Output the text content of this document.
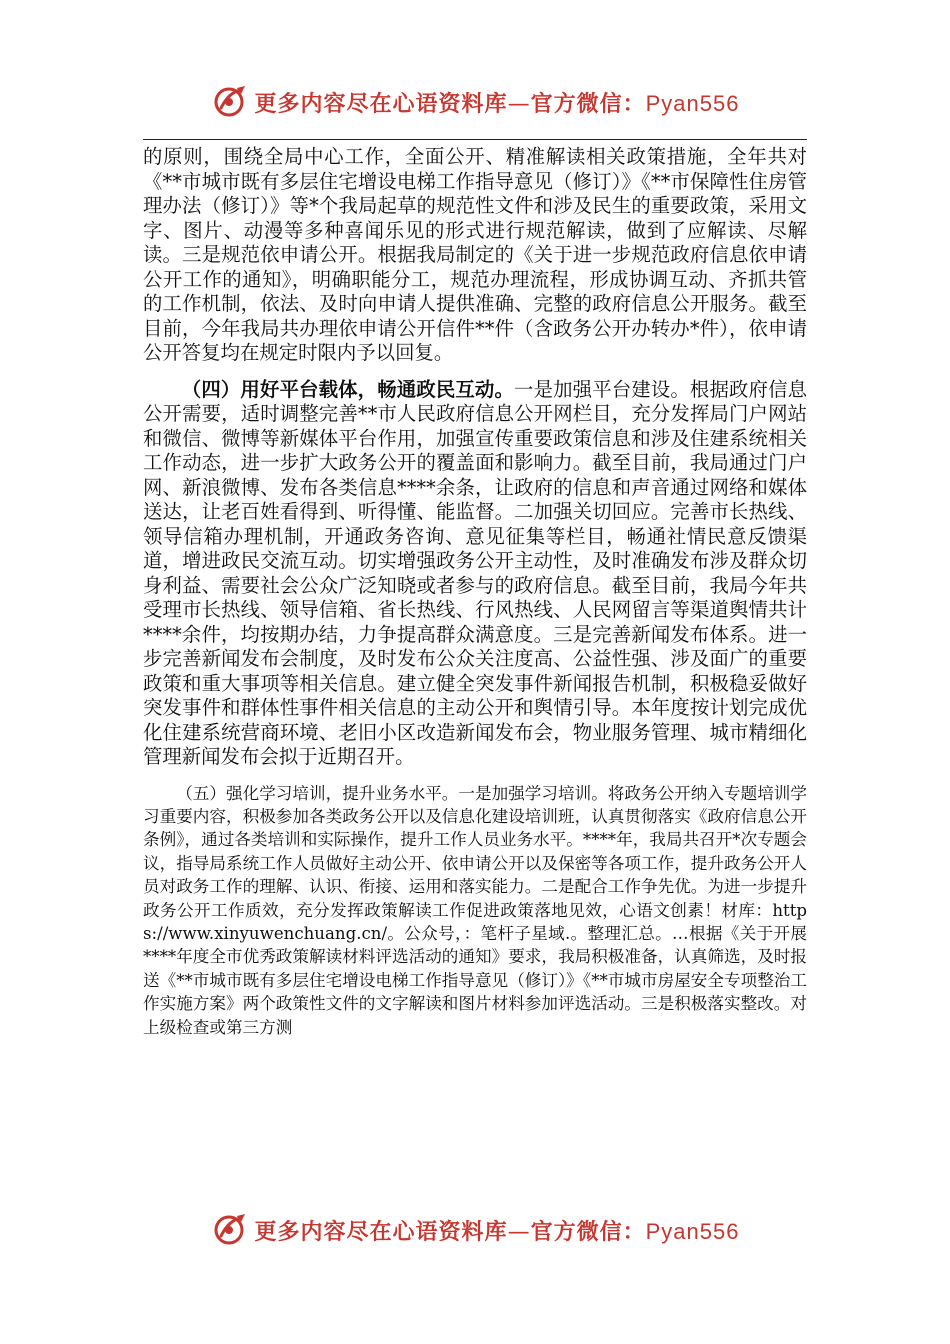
更多内容尽在心语资料库—官方微信：Pyan556

的原则，围绕全局中心工作，全面公开、精准解读相关政策措施，全年共对《**市城市既有多层住宅增设电梯工作指导意见（修订）》《**市保障性住房管理办法（修订）》等*个我局起草的规范性文件和涉及民生的重要政策，采用文字、图片、动漫等多种喜闻乐见的形式进行规范解读，做到了应解读、尽解读。三是规范依申请公开。根据我局制定的《关于进一步规范政府信息依申请公开工作的通知》，明确职能分工，规范办理流程，形成协调互动、齐抓共管的工作机制，依法、及时向申请人提供准确、完整的政府信息公开服务。截至目前，今年我局共办理依申请公开信件**件（含政务公开办转办*件），依申请公开答复均在规定时限内予以回复。

（四）用好平台载体，畅通政民互动。一是加强平台建设。根据政府信息公开需要，适时调整完善**市人民政府信息公开网栏目，充分发挥局门户网站和微信、微博等新媒体平台作用，加强宣传重要政策信息和涉及住建系统相关工作动态，进一步扩大政务公开的覆盖面和影响力。截至目前，我局通过门户网、新浪微博、发布各类信息****余条，让政府的信息和声音通过网络和媒体送达，让老百姓看得到、听得懂、能监督。二加强关切回应。完善市长热线、领导信箱办理机制，开通政务咨询、意见征集等栏目，畅通社情民意反馈渠道，增进政民交流互动。切实增强政务公开主动性，及时准确发布涉及群众切身利益、需要社会公众广泛知晓或者参与的政府信息。截至目前，我局今年共受理市长热线、领导信箱、省长热线、行风热线、人民网留言等渠道舆情共计****余件，均按期办结，力争提高群众满意度。三是完善新闻发布体系。进一步完善新闻发布会制度，及时发布公众关注度高、公益性强、涉及面广的重要政策和重大事项等相关信息。建立健全突发事件新闻报告机制，积极稳妥做好突发事件和群体性事件相关信息的主动公开和舆情引导。本年度按计划完成优化住建系统营商环境、老旧小区改造新闻发布会，物业服务管理、城市精细化管理新闻发布会拟于近期召开。

（五）强化学习培训，提升业务水平。一是加强学习培训。将政务公开纳入专题培训学习重要内容，积极参加各类政务公开以及信息化建设培训班，认真贯彻落实《政府信息公开条例》，通过各类培训和实际操作，提升工作人员业务水平。****年，我局共召开*次专题会议，指导局系统工作人员做好主动公开、依申请公开以及保密等各项工作，提升政务公开人员对政务工作的理解、认识、衔接、运用和落实能力。二是配合工作争先优。为进一步提升政务公开工作质效，充分发挥政策解读工作促进政策落地见效，心语文创素！材库：https://www.xinyuwenchuang.cn/。公众号，：笔杆子星域.。整理汇总。…根据《关于开展****年度全市优秀政策解读材料评选活动的通知》要求，我局积极准备，认真筛选，及时报送《**市城市既有多层住宅增设电梯工作指导意见（修订）》《**市城市房屋安全专项整治工作实施方案》两个政策性文件的文字解读和图片材料参加评选活动。三是积极落实整改。对上级检查或第三方测

更多内容尽在心语资料库—官方微信：Pyan556
